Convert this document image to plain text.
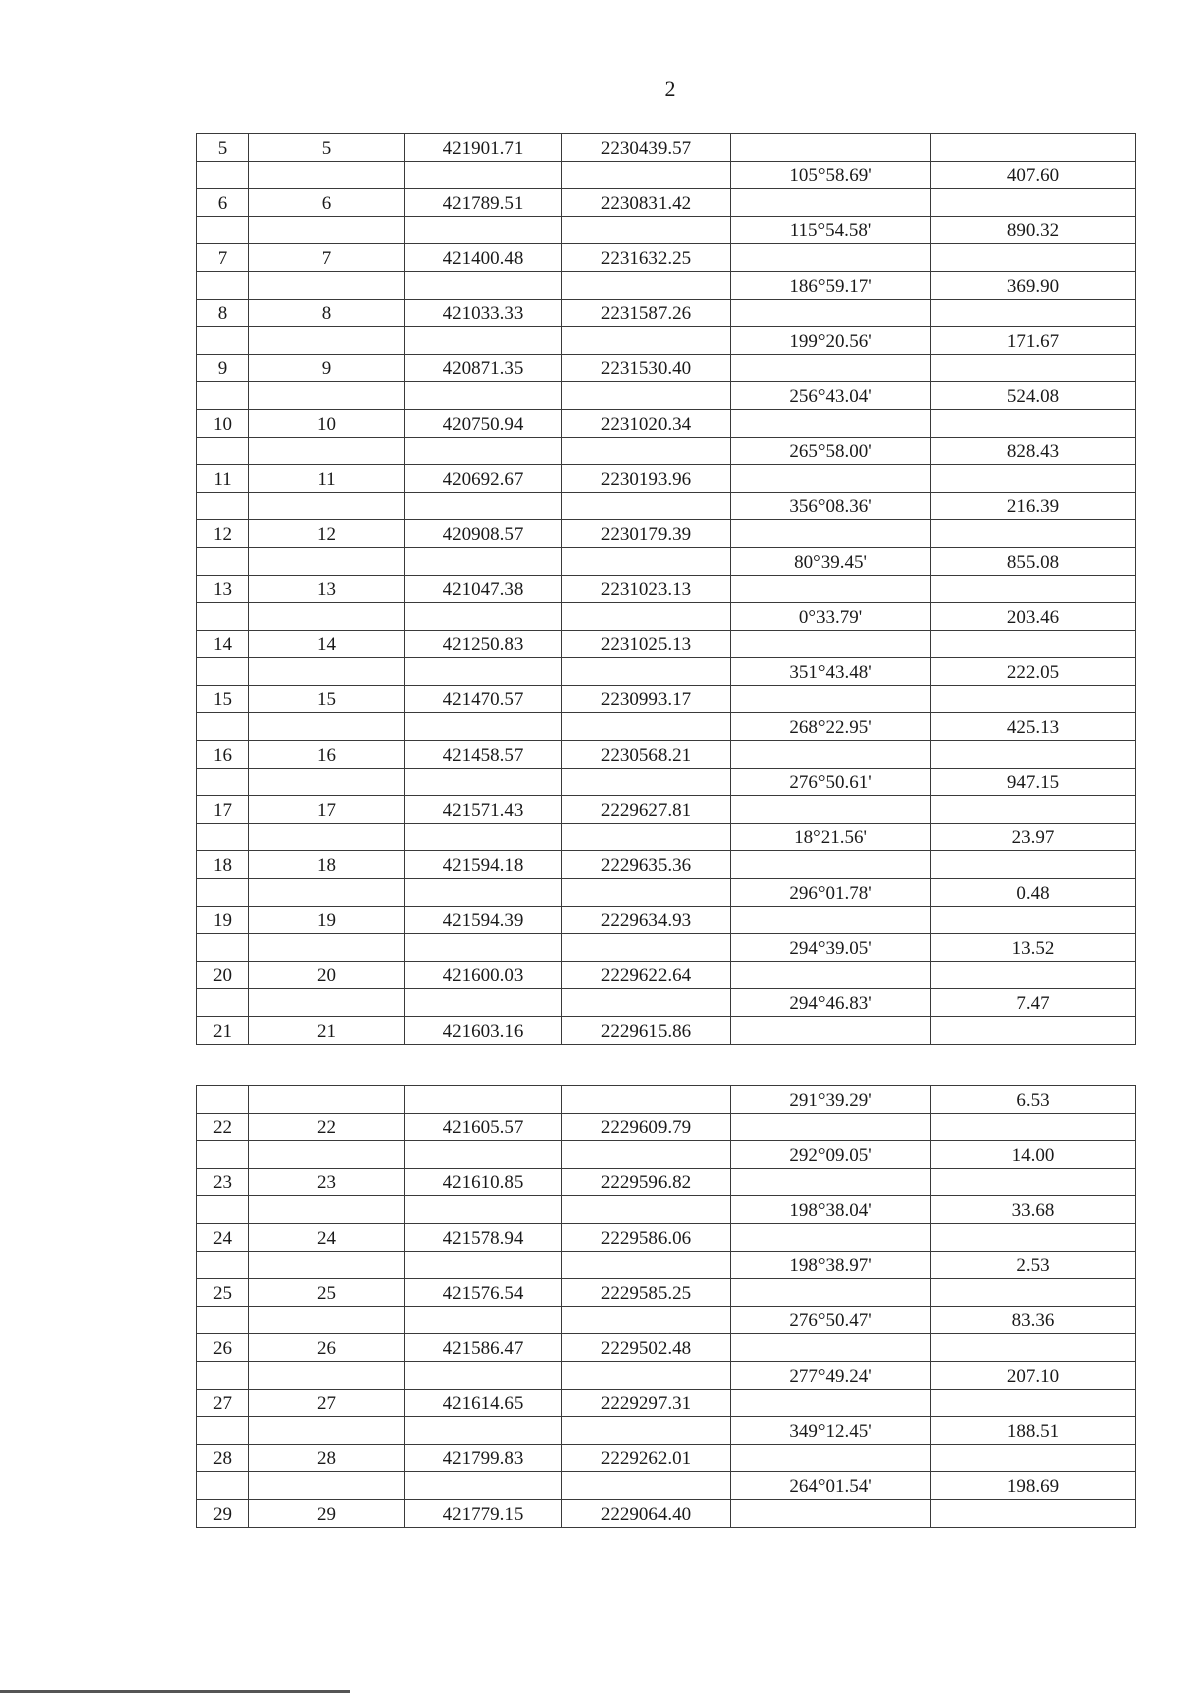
2
5	5	421901.71	2230439.57		
				105°58.69'	407.60
6	6	421789.51	2230831.42		
				115°54.58'	890.32
7	7	421400.48	2231632.25		
				186°59.17'	369.90
8	8	421033.33	2231587.26		
				199°20.56'	171.67
9	9	420871.35	2231530.40		
				256°43.04'	524.08
10	10	420750.94	2231020.34		
				265°58.00'	828.43
11	11	420692.67	2230193.96		
				356°08.36'	216.39
12	12	420908.57	2230179.39		
				80°39.45'	855.08
13	13	421047.38	2231023.13		
				0°33.79'	203.46
14	14	421250.83	2231025.13		
				351°43.48'	222.05
15	15	421470.57	2230993.17		
				268°22.95'	425.13
16	16	421458.57	2230568.21		
				276°50.61'	947.15
17	17	421571.43	2229627.81		
				18°21.56'	23.97
18	18	421594.18	2229635.36		
				296°01.78'	0.48
19	19	421594.39	2229634.93		
				294°39.05'	13.52
20	20	421600.03	2229622.64		
				294°46.83'	7.47
21	21	421603.16	2229615.86		
				291°39.29'	6.53
22	22	421605.57	2229609.79		
				292°09.05'	14.00
23	23	421610.85	2229596.82		
				198°38.04'	33.68
24	24	421578.94	2229586.06		
				198°38.97'	2.53
25	25	421576.54	2229585.25		
				276°50.47'	83.36
26	26	421586.47	2229502.48		
				277°49.24'	207.10
27	27	421614.65	2229297.31		
				349°12.45'	188.51
28	28	421799.83	2229262.01		
				264°01.54'	198.69
29	29	421779.15	2229064.40		
